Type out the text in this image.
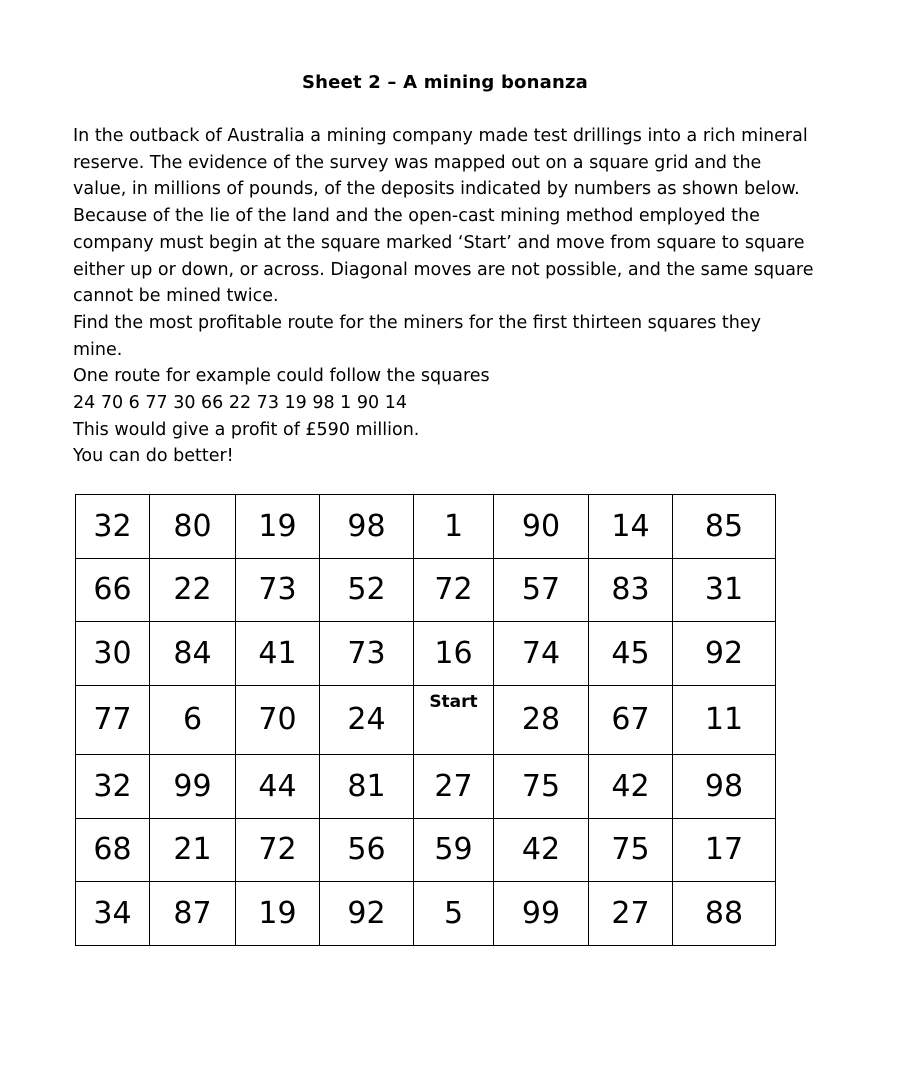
Sheet 2 – A mining bonanza
In the outback of Australia a mining company made test drillings into a rich mineral
reserve. The evidence of the survey was mapped out on a square grid and the
value, in millions of pounds, of the deposits indicated by numbers as shown below.
Because of the lie of the land and the open-cast mining method employed the
company must begin at the square marked ‘Start’ and move from square to square
either up or down, or across. Diagonal moves are not possible, and the same square
cannot be mined twice.
Find the most profitable route for the miners for the first thirteen squares they
mine.
One route for example could follow the squares
24 70 6 77 30 66 22 73 19 98 1 90 14
This would give a profit of £590 million.
You can do better!
32	80	19	98	1	90	14	85
66	22	73	52	72	57	83	31
30	84	41	73	16	74	45	92
77	6	70	24	Start	28	67	11
32	99	44	81	27	75	42	98
68	21	72	56	59	42	75	17
34	87	19	92	5	99	27	88
